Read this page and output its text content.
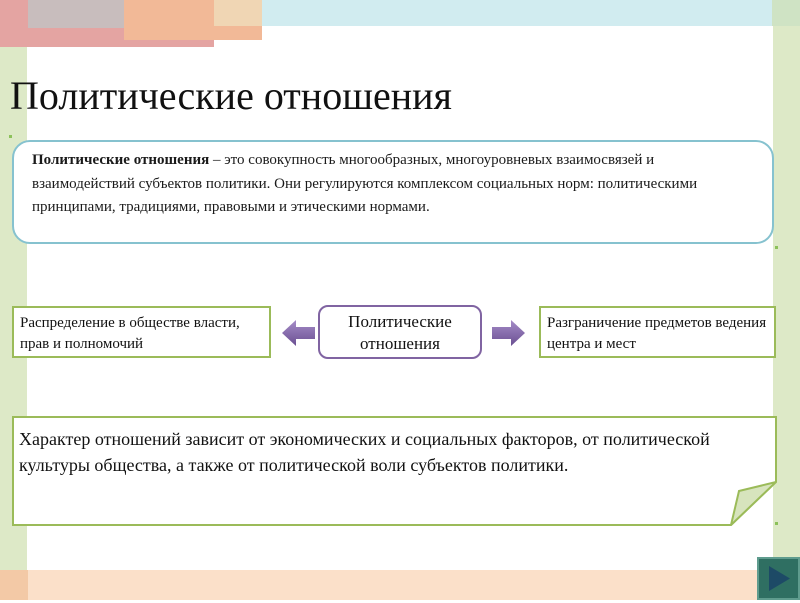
Политические отношения

Политические отношения – это совокупность многообразных, многоуровневых взаимосвязей и взаимодействий субъектов политики. Они регулируются комплексом социальных норм: политическими принципами, традициями, правовыми и этическими нормами.

Распределение в обществе власти, прав и полномочий
Политические отношения
Разграничение предметов ведения центра и мест

Характер отношений зависит от экономических и социальных факторов, от политической культуры общества, а также от политической воли субъектов политики.
